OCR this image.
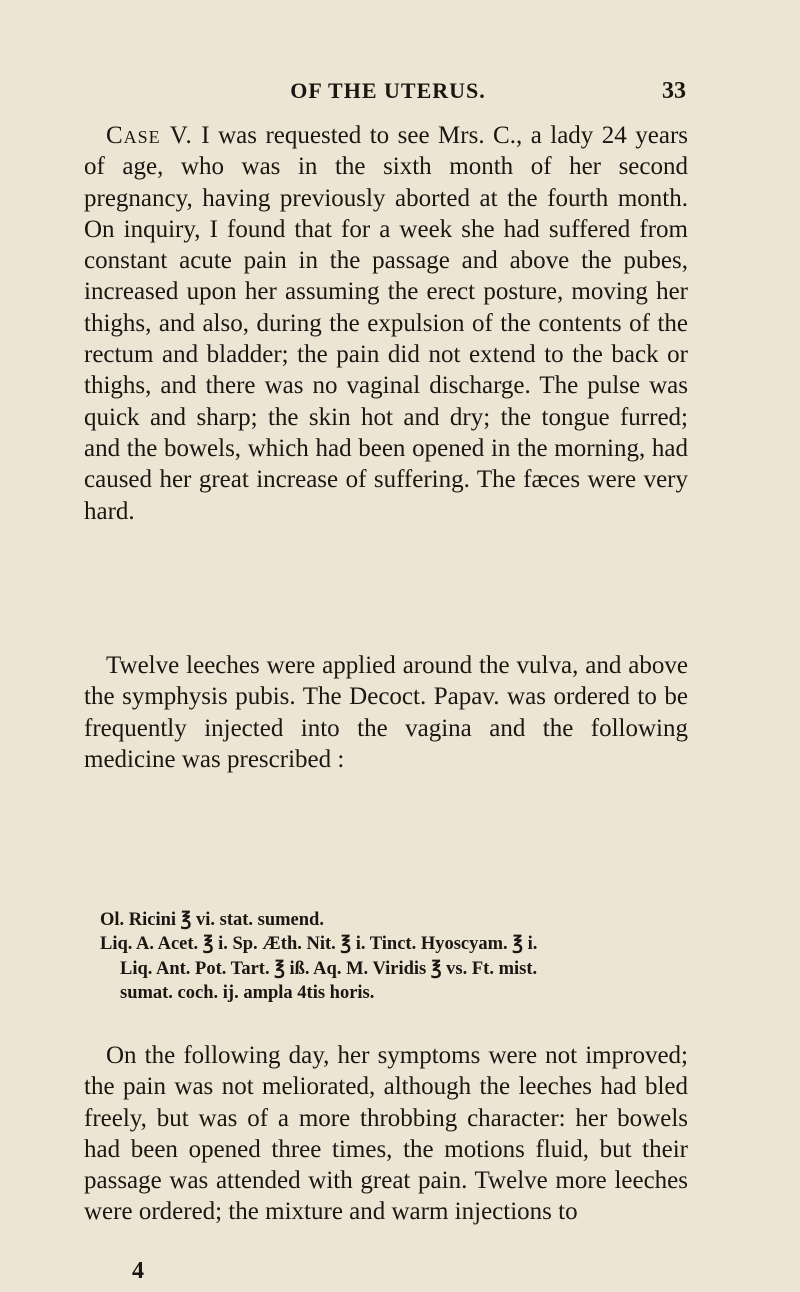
OF THE UTERUS.	33

Case V. I was requested to see Mrs. C., a lady 24 years of age, who was in the sixth month of her second pregnancy, having previously aborted at the fourth month. On inquiry, I found that for a week she had suffered from constant acute pain in the passage and above the pubes, increased upon her assuming the erect posture, moving her thighs, and also, during the expulsion of the contents of the rectum and bladder; the pain did not extend to the back or thighs, and there was no vaginal discharge. The pulse was quick and sharp; the skin hot and dry; the tongue furred; and the bowels, which had been opened in the morning, had caused her great increase of suffering. The fæces were very hard.

Twelve leeches were applied around the vulva, and above the symphysis pubis. The Decoct. Papav. was ordered to be frequently injected into the vagina and the following medicine was prescribed :

Ol. Ricini ℥ vi. stat. sumend.

Liq. A. Acet. ℥ i. Sp. Æth. Nit. ℥ i. Tinct. Hyoscyam. ℥ i.

Liq. Ant. Pot. Tart. ℥ iß. Aq. M. Viridis ℥ vs. Ft. mist.

sumat. coch. ij. ampla 4tis horis.

On the following day, her symptoms were not improved; the pain was not meliorated, although the leeches had bled freely, but was of a more throbbing character: her bowels had been opened three times, the motions fluid, but their passage was attended with great pain. Twelve more leeches were ordered; the mixture and warm injections to

4
